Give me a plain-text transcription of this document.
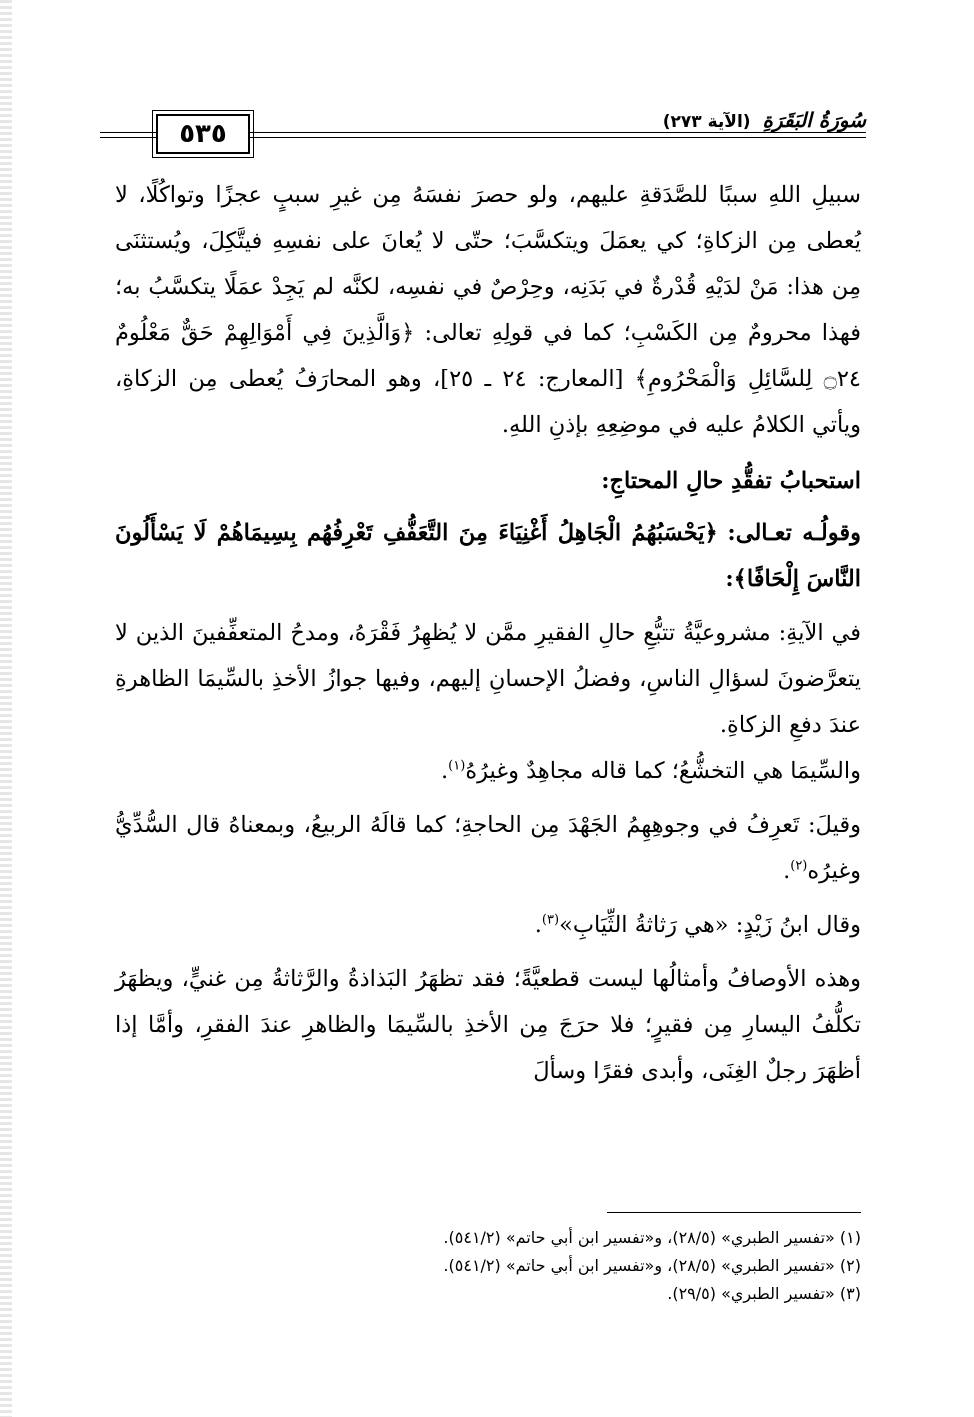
٥٣٥	سُورَةُ البَقَرَةِ (الآية ٢٧٣)

سبيلِ اللهِ سببًا للصَّدَقةِ عليهم، ولو حصرَ نفسَهُ مِن غيرِ سببٍ عجزًا وتواكُلًا، لا يُعطى مِن الزكاةِ؛ كي يعمَلَ ويتكسَّبَ؛ حتّى لا يُعانَ على نفسِهِ فيتَّكِلَ، ويُستثنَى مِن هذا: مَنْ لدَيْهِ قُدْرةٌ في بَدَنِه، وحِرْصٌ في نفسِه، لكنَّه لم يَجِدْ عمَلًا يتكسَّبُ به؛ فهذا محرومٌ مِن الكَسْبِ؛ كما في قولِهِ تعالى: ﴿وَالَّذِينَ فِي أَمْوَالِهِمْ حَقٌّ مَعْلُومٌ ۝٢٤ لِلسَّائِلِ وَالْمَحْرُومِ﴾ [المعارج: ٢٤ ـ ٢٥]، وهو المحارَفُ يُعطى مِن الزكاةِ، ويأتي الكلامُ عليه في موضِعِهِ بإذنِ اللهِ.

استحبابُ تفقُّدِ حالِ المحتاجِ:

وقولُـه تعـالى: ﴿يَحْسَبُهُمُ الْجَاهِلُ أَغْنِيَاءَ مِنَ التَّعَفُّفِ تَعْرِفُهُم بِسِيمَاهُمْ لَا يَسْأَلُونَ النَّاسَ إِلْحَافًا﴾:

في الآيةِ: مشروعيَّةُ تتبُّعِ حالِ الفقيرِ ممَّن لا يُظهِرُ فَقْرَهُ، ومدحُ المتعفِّفينَ الذين لا يتعرَّضونَ لسؤالِ الناسِ، وفضلُ الإحسانِ إليهم، وفيها جوازُ الأخذِ بالسِّيمَا الظاهرةِ عندَ دفعِ الزكاةِ.

والسِّيمَا هي التخشُّعُ؛ كما قاله مجاهِدٌ وغيرُهُ$^{(١)}$.

وقيلَ: تَعرِفُ في وجوهِهِمُ الجَهْدَ مِن الحاجةِ؛ كما قالَهُ الربيعُ، وبمعناهُ قال السُّدِّيُّ وغيرُه$^{(٢)}$.

وقال ابنُ زَيْدٍ: «هي رَثاثةُ الثِّيَابِ»$^{(٣)}$.

وهذه الأوصافُ وأمثالُها ليست قطعيَّةً؛ فقد تظهَرُ البَذاذةُ والرَّثاثةُ مِن غنيٍّ، ويظهَرُ تكلُّفُ اليسارِ مِن فقيرٍ؛ فلا حرَجَ مِن الأخذِ بالسِّيمَا والظاهرِ عندَ الفقرِ، وأمَّا إذا أظهَرَ رجلٌ الغِنَى، وأبدى فقرًا وسألَ

(١) «تفسير الطبري» (٢٨/٥)، و«تفسير ابن أبي حاتم» (٥٤١/٢).
(٢) «تفسير الطبري» (٢٨/٥)، و«تفسير ابن أبي حاتم» (٥٤١/٢).
(٣) «تفسير الطبري» (٢٩/٥).
